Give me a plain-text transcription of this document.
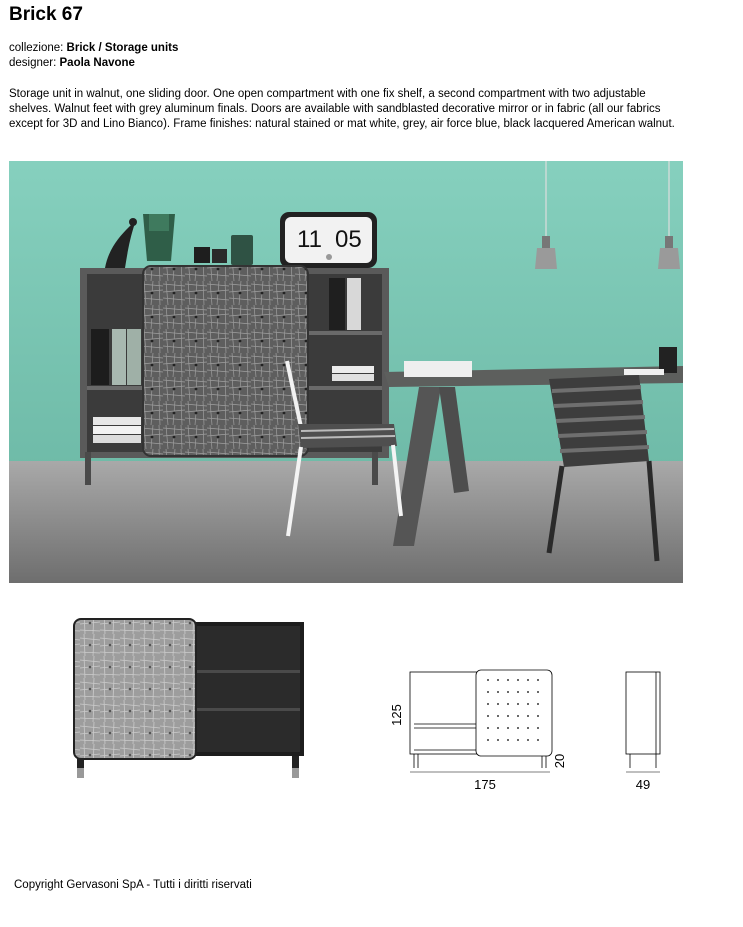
Brick 67
collezione: Brick / Storage units
designer: Paola Navone
Storage unit in walnut, one sliding door. One open compartment with one fix shelf, a second compartment with two adjustable shelves. Walnut feet with grey aluminum finals. Doors are available with sandblasted decorative mirror or in fabric (all our fabrics except for 3D and Lino Bianco). Frame finishes: natural stained or mat white, grey, air force blue, black lacquered American walnut.
11 05
125
175
20
49
Copyright Gervasoni SpA - Tutti i diritti riservati
